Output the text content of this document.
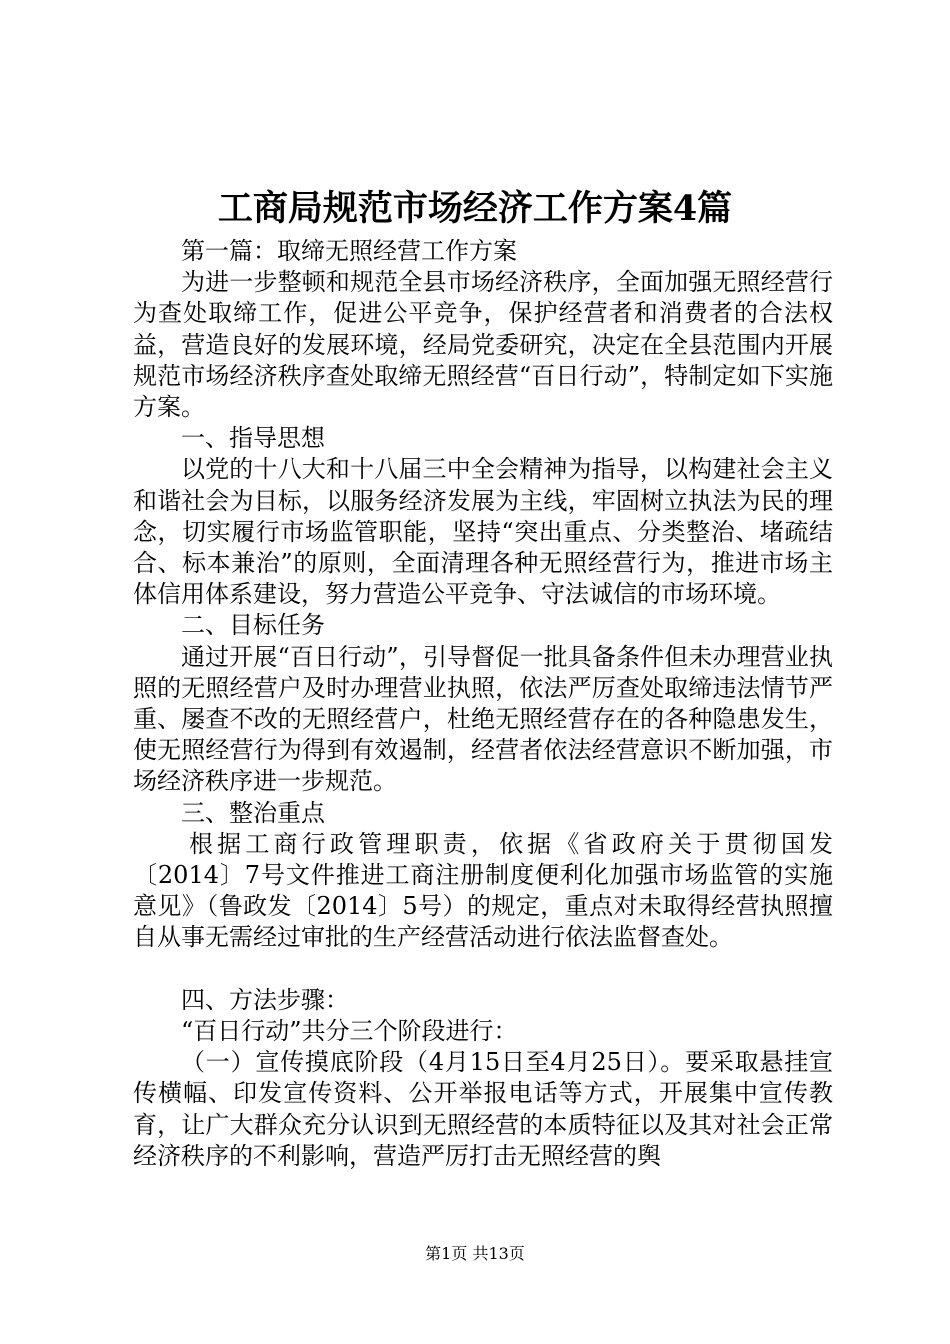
工商局规范市场经济工作方案4篇

第一篇：取缔无照经营工作方案

为进一步整顿和规范全县市场经济秩序，全面加强无照经营行为查处取缔工作，促进公平竞争，保护经营者和消费者的合法权益，营造良好的发展环境，经局党委研究，决定在全县范围内开展规范市场经济秩序查处取缔无照经营“百日行动”，特制定如下实施方案。

一、指导思想

以党的十八大和十八届三中全会精神为指导，以构建社会主义和谐社会为目标，以服务经济发展为主线，牢固树立执法为民的理念，切实履行市场监管职能，坚持“突出重点、分类整治、堵疏结合、标本兼治”的原则，全面清理各种无照经营行为，推进市场主体信用体系建设，努力营造公平竞争、守法诚信的市场环境。

二、目标任务

通过开展“百日行动”，引导督促一批具备条件但未办理营业执照的无照经营户及时办理营业执照，依法严厉查处取缔违法情节严重、屡查不改的无照经营户，杜绝无照经营存在的各种隐患发生，使无照经营行为得到有效遏制，经营者依法经营意识不断加强，市场经济秩序进一步规范。

三、整治重点

根据工商行政管理职责，依据《省政府关于贯彻国发〔2014〕7号文件推进工商注册制度便利化加强市场监管的实施意见》（鲁政发〔2014〕5号）的规定，重点对未取得经营执照擅自从事无需经过审批的生产经营活动进行依法监督查处。

四、方法步骤：

“百日行动”共分三个阶段进行：

（一）宣传摸底阶段（4月15日至4月25日）。要采取悬挂宣传横幅、印发宣传资料、公开举报电话等方式，开展集中宣传教育，让广大群众充分认识到无照经营的本质特征以及其对社会正常经济秩序的不利影响，营造严厉打击无照经营的舆

第1页 共13页
